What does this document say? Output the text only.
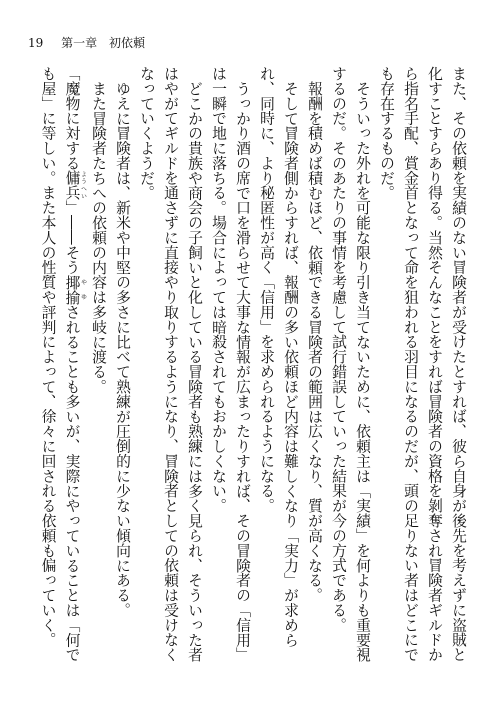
19 第一章 初依頼

また、その依頼を実績のない冒険者が受けたとすれば、彼ら自身が後先を考えずに盗賊と化すことすらあり得る。当然そんなことをすれば冒険者の資格を剝奪され冒険者ギルドから指名手配、賞金首となって命を狙われる羽目になるのだが、頭の足りない者はどこにでも存在するものだ。

そういった外れを可能な限り引き当てないために、依頼主は「実績」を何よりも重要視するのだ。そのあたりの事情を考慮して試行錯誤していった結果が今の方式である。

報酬を積めば積むほど、依頼できる冒険者の範囲は広くなり、質が高くなる。

そして冒険者側からすれば、報酬の多い依頼ほど内容は難しくなり「実力」が求められ、同時に、より秘匿性が高く「信用」を求められるようになる。

うっかり酒の席で口を滑らせて大事な情報が広まったりすれば、その冒険者の「信用」は一瞬で地に落ちる。場合によっては暗殺されてもおかしくない。

どこかの貴族や商会の子飼いと化している冒険者も熟練には多く見られ、そういった者はやがてギルドを通さずに直接やり取りするようになり、冒険者としての依頼は受けなくなっていくようだ。

ゆえに冒険者は、新米や中堅の多さに比べて熟練が圧倒的に少ない傾向にある。

また冒険者たちへの依頼の内容は多岐に渡る。

「魔物に対する傭兵 ようへい」――そう揶揄 やゆされることも多いが、実際にやっていることは「何でも屋」に等しい。また本人の性質や評判によって、徐々に回される依頼も偏っていく。
